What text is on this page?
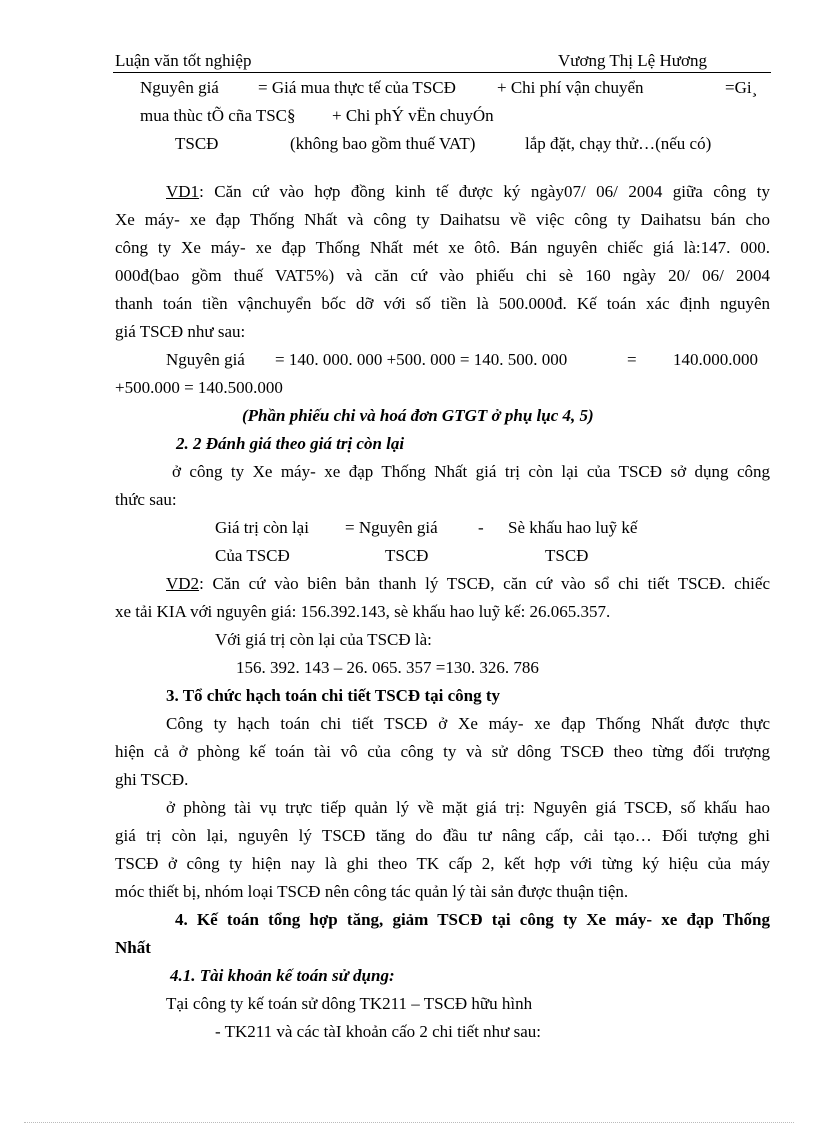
Luận văn tốt nghiệp	Vương Thị Lệ Hương
Nguyên giá = Giá mua thực tế của TSCĐ + Chi phí vận chuyển	=Gi¸
mua thùc tÕ cña TSC§ + Chi phÝ vËn chuyÓn
TSCĐ	(không bao gồm thuế VAT)	lắp đặt, chạy thử…(nếu có)
VD1: Căn cứ vào hợp đồng kinh tế được ký ngày07/ 06/ 2004 giữa công ty
Xe máy- xe đạp Thống Nhất và công ty Daihatsu về việc công ty Daihatsu bán cho
công ty Xe máy- xe đạp Thống Nhất mét xe ôtô. Bán nguyên chiếc giá là:147. 000.
000đ(bao gồm thuế VAT5%) và căn cứ vào phiếu chi sè 160 ngày 20/ 06/ 2004
thanh toán tiền vậnchuyển bốc dỡ với số tiền là 500.000đ. Kế toán xác định nguyên
giá TSCĐ như sau:
Nguyên giá = 140. 000. 000 +500. 000 = 140. 500. 000	= 140.000.000
+500.000 = 140.500.000
(Phần phiếu chi và hoá đơn GTGT ở phụ lục 4, 5)
2. 2 Đánh giá theo giá trị còn lại
ở công ty Xe máy- xe đạp Thống Nhất giá trị còn lại của TSCĐ sở dụng công
thức sau:
Giá trị còn lại = Nguyên giá - Sè khấu hao luỹ kế
Của TSCĐ	TSCĐ	TSCĐ
VD2: Căn cứ vào biên bản thanh lý TSCĐ, căn cứ vào sổ chi tiết TSCĐ. chiếc
xe tải KIA với nguyên giá: 156.392.143, sè khấu hao luỹ kế: 26.065.357.
Với giá trị còn lại của TSCĐ là:
156. 392. 143 – 26. 065. 357 =130. 326. 786
3. Tổ chức hạch toán chi tiết TSCĐ tại công ty
Công ty hạch toán chi tiết TSCĐ ở Xe máy- xe đạp Thống Nhất được thực
hiện cả ở phòng kế toán tài vô của công ty và sử dông TSCĐ theo từng đối trượng
ghi TSCĐ.
ở phòng tài vụ trực tiếp quản lý về mặt giá trị: Nguyên giá TSCĐ, số khấu hao
giá trị còn lại, nguyên lý TSCĐ tăng do đầu tư nâng cấp, cải tạo… Đối tượng ghi
TSCĐ ở công ty hiện nay là ghi theo TK cấp 2, kết hợp với từng ký hiệu của máy
móc thiết bị, nhóm loại TSCĐ nên công tác quản lý tài sản được thuận tiện.
4. Kế toán tổng hợp tăng, giảm TSCĐ tại công ty Xe máy- xe đạp Thống
Nhất
4.1. Tài khoản kế toán sử dụng:
Tại công ty kế toán sử dông TK211 – TSCĐ hữu hình
- TK211 và các tàI khoản cấo 2 chi tiết như sau:
